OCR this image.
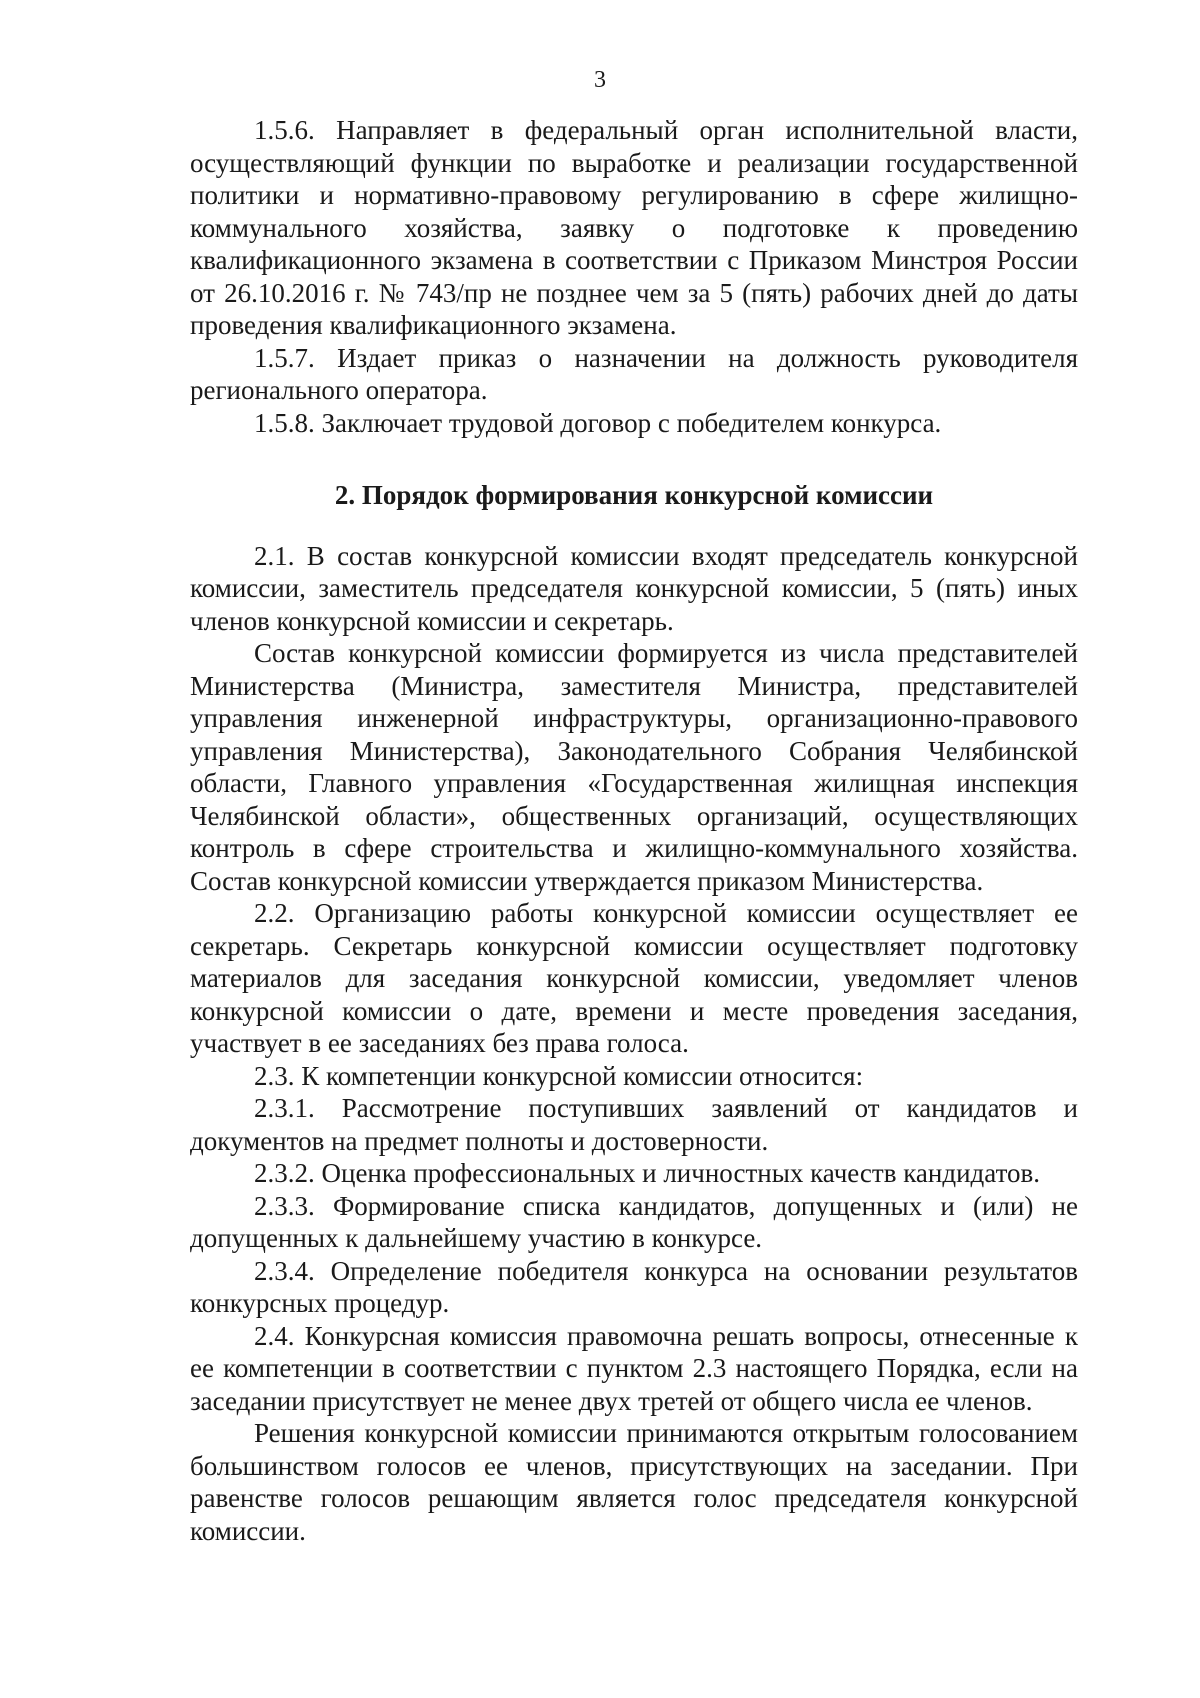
3

1.5.6. Направляет в федеральный орган исполнительной власти, осуществляющий функции по выработке и реализации государственной политики и нормативно-правовому регулированию в сфере жилищно-коммунального хозяйства, заявку о подготовке к проведению квалификационного экзамена в соответствии с Приказом Минстроя России от 26.10.2016 г. № 743/пр не позднее чем за 5 (пять) рабочих дней до даты проведения квалификационного экзамена.

1.5.7. Издает приказ о назначении на должность руководителя регионального оператора.

1.5.8. Заключает трудовой договор с победителем конкурса.

2. Порядок формирования конкурсной комиссии

2.1. В состав конкурсной комиссии входят председатель конкурсной комиссии, заместитель председателя конкурсной комиссии, 5 (пять) иных членов конкурсной комиссии и секретарь.

Состав конкурсной комиссии формируется из числа представителей Министерства (Министра, заместителя Министра, представителей управления инженерной инфраструктуры, организационно-правового управления Министерства), Законодательного Собрания Челябинской области, Главного управления «Государственная жилищная инспекция Челябинской области», общественных организаций, осуществляющих контроль в сфере строительства и жилищно-коммунального хозяйства. Состав конкурсной комиссии утверждается приказом Министерства.

2.2. Организацию работы конкурсной комиссии осуществляет ее секретарь. Секретарь конкурсной комиссии осуществляет подготовку материалов для заседания конкурсной комиссии, уведомляет членов конкурсной комиссии о дате, времени и месте проведения заседания, участвует в ее заседаниях без права голоса.

2.3. К компетенции конкурсной комиссии относится:

2.3.1. Рассмотрение поступивших заявлений от кандидатов и документов на предмет полноты и достоверности.

2.3.2. Оценка профессиональных и личностных качеств кандидатов.

2.3.3. Формирование списка кандидатов, допущенных и (или) не допущенных к дальнейшему участию в конкурсе.

2.3.4. Определение победителя конкурса на основании результатов конкурсных процедур.

2.4. Конкурсная комиссия правомочна решать вопросы, отнесенные к ее компетенции в соответствии с пунктом 2.3 настоящего Порядка, если на заседании присутствует не менее двух третей от общего числа ее членов.

Решения конкурсной комиссии принимаются открытым голосованием большинством голосов ее членов, присутствующих на заседании. При равенстве голосов решающим является голос председателя конкурсной комиссии.
